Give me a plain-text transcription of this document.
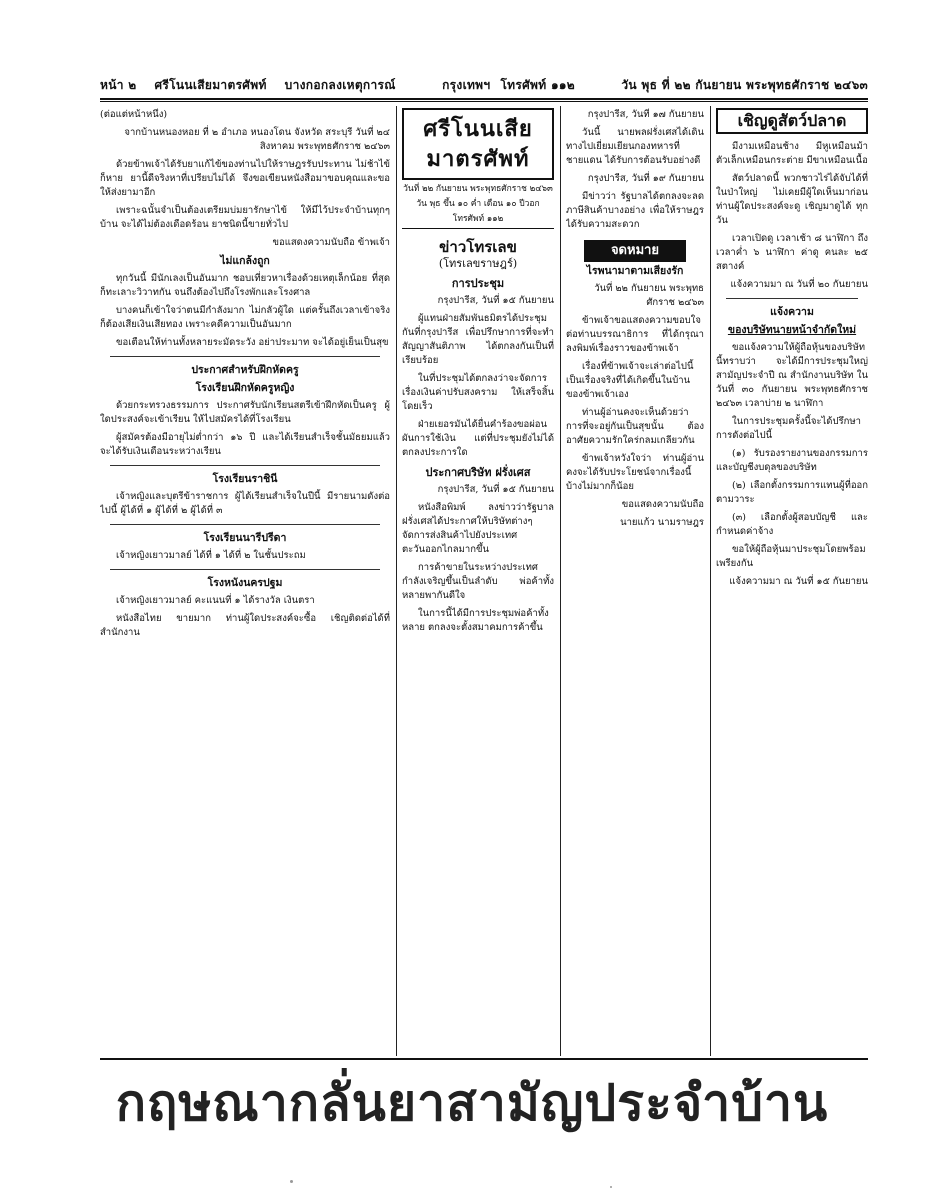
หน้า ๒ ศรีโนนเสียมาตรศัพท์ บางกอกลงเหตุการณ์	กรุงเทพฯ โทรศัพท์ ๑๑๒	วัน พุธ ที่ ๒๒ กันยายน พระพุทธศักราช ๒๔๖๓

(ต่อแต่หน้าหนึ่ง)

จากบ้านหนองหอย ที่ ๒ อำเภอ หนองโดน จังหวัด สระบุรี วันที่ ๒๔ สิงหาคม พระพุทธศักราช ๒๔๖๓

ด้วยข้าพเจ้าได้รับยาแก้ไข้ของท่านไปให้ราษฎรรับประทาน ไม่ช้าไข้ก็หาย ยานี้ดีจริงหาที่เปรียบไม่ได้ จึงขอเขียนหนังสือมาขอบคุณและขอให้ส่งยามาอีก

เพราะฉนั้นจำเป็นต้องเตรียมบ่มยารักษาไข้ ให้มีไว้ประจำบ้านทุกๆ บ้าน จะได้ไม่ต้องเดือดร้อน ยาชนิดนี้ขายทั่วไป

ขอแสดงความนับถือ ข้าพเจ้า

ไม่แกล้งถูก

ทุกวันนี้ มีนักเลงเป็นอันมาก ชอบเที่ยวหาเรื่องด้วยเหตุเล็กน้อย ที่สุดก็ทะเลาะวิวาทกัน จนถึงต้องไปถึงโรงพักและโรงศาล

บางคนก็เข้าใจว่าตนมีกำลังมาก ไม่กลัวผู้ใด แต่ครั้นถึงเวลาเข้าจริงก็ต้องเสียเงินเสียทอง เพราะคดีความเป็นอันมาก

ขอเตือนให้ท่านทั้งหลายระมัดระวัง อย่าประมาท จะได้อยู่เย็นเป็นสุข

ประกาศสำหรับฝึกหัดครู
โรงเรียนฝึกหัดครูหญิง

ด้วยกระทรวงธรรมการ ประกาศรับนักเรียนสตรีเข้าฝึกหัดเป็นครู ผู้ใดประสงค์จะเข้าเรียน ให้ไปสมัครได้ที่โรงเรียน

ผู้สมัครต้องมีอายุไม่ต่ำกว่า ๑๖ ปี และได้เรียนสำเร็จชั้นมัธยมแล้ว จะได้รับเงินเดือนระหว่างเรียน

โรงเรียนราชินี

เจ้าหญิงและบุตรีข้าราชการ ผู้ได้เรียนสำเร็จในปีนี้ มีรายนามดังต่อไปนี้ ผู้ได้ที่ ๑ ผู้ได้ที่ ๒ ผู้ได้ที่ ๓

โรงเรียนนารีปรีดา

เจ้าหญิงเยาวมาลย์ ได้ที่ ๑ ได้ที่ ๒ ในชั้นประถม

โรงหนังนครปฐม

เจ้าหญิงเยาวมาลย์ คะแนนที่ ๑ ได้รางวัล เงินตรา

หนังสือไทย ขายมาก ท่านผู้ใดประสงค์จะซื้อ เชิญติดต่อได้ที่สำนักงาน

ศรีโนนเสียมาตรศัพท์
วันที่ ๒๒ กันยายน พระพุทธศักราช ๒๔๖๓
วัน พุธ ขึ้น ๑๐ ค่ำ เดือน ๑๐ ปีวอก
โทรศัพท์ ๑๑๒
ข่าวโทรเลข
(โทรเลขราษฎร์)
การประชุม

กรุงปารีส, วันที่ ๑๕ กันยายน

ผู้แทนฝ่ายสัมพันธมิตรได้ประชุมกันที่กรุงปารีส เพื่อปรึกษาการที่จะทำสัญญาสันติภาพ ได้ตกลงกันเป็นที่เรียบร้อย

ในที่ประชุมได้ตกลงว่าจะจัดการเรื่องเงินค่าปรับสงคราม ให้เสร็จสิ้นโดยเร็ว

ฝ่ายเยอรมันได้ยื่นคำร้องขอผ่อนผันการใช้เงิน แต่ที่ประชุมยังไม่ได้ตกลงประการใด

ประกาศบริษัท ฝรั่งเศส

กรุงปารีส, วันที่ ๑๕ กันยายน

หนังสือพิมพ์ ลงข่าวว่ารัฐบาลฝรั่งเศสได้ประกาศให้บริษัทต่างๆ จัดการส่งสินค้าไปยังประเทศตะวันออกไกลมากขึ้น

การค้าขายในระหว่างประเทศกำลังเจริญขึ้นเป็นลำดับ พ่อค้าทั้งหลายพากันดีใจ

ในการนี้ได้มีการประชุมพ่อค้าทั้งหลาย ตกลงจะตั้งสมาคมการค้าขึ้น

กรุงปารีส, วันที่ ๑๗ กันยายน

วันนี้ นายพลฝรั่งเศสได้เดินทางไปเยี่ยมเยียนกองทหารที่ชายแดน ได้รับการต้อนรับอย่างดี

กรุงปารีส, วันที่ ๑๙ กันยายน

มีข่าวว่า รัฐบาลได้ตกลงจะลดภาษีสินค้าบางอย่าง เพื่อให้ราษฎรได้รับความสะดวก

จดหมาย
ไรพนามาตามเสียงรัก

วันที่ ๒๒ กันยายน พระพุทธศักราช ๒๔๖๓

ข้าพเจ้าขอแสดงความขอบใจต่อท่านบรรณาธิการ ที่ได้กรุณาลงพิมพ์เรื่องราวของข้าพเจ้า

เรื่องที่ข้าพเจ้าจะเล่าต่อไปนี้ เป็นเรื่องจริงที่ได้เกิดขึ้นในบ้านของข้าพเจ้าเอง

ท่านผู้อ่านคงจะเห็นด้วยว่า การที่จะอยู่กันเป็นสุขนั้น ต้องอาศัยความรักใคร่กลมเกลียวกัน

ข้าพเจ้าหวังใจว่า ท่านผู้อ่านคงจะได้รับประโยชน์จากเรื่องนี้บ้างไม่มากก็น้อย

ขอแสดงความนับถือ

นายแก้ว นามราษฎร

เชิญดูสัตว์ปลาด

มีงามเหมือนช้าง มีหูเหมือนม้า ตัวเล็กเหมือนกระต่าย มีขาเหมือนเนื้อ

สัตว์ปลาดนี้ พวกชาวไร่ได้จับได้ที่ในป่าใหญ่ ไม่เคยมีผู้ใดเห็นมาก่อน ท่านผู้ใดประสงค์จะดู เชิญมาดูได้ ทุกวัน

เวลาเปิดดู เวลาเช้า ๘ นาฬิกา ถึง เวลาค่ำ ๖ นาฬิกา ค่าดู คนละ ๒๕ สตางค์

แจ้งความมา ณ วันที่ ๒๐ กันยายน

แจ้งความ
ของบริษัทนายหน้าจำกัดใหม่

ขอแจ้งความให้ผู้ถือหุ้นของบริษัทนี้ทราบว่า จะได้มีการประชุมใหญ่สามัญประจำปี ณ สำนักงานบริษัท ในวันที่ ๓๐ กันยายน พระพุทธศักราช ๒๔๖๓ เวลาบ่าย ๒ นาฬิกา

ในการประชุมครั้งนี้จะได้ปรึกษาการดังต่อไปนี้

(๑) รับรองรายงานของกรรมการ และบัญชีงบดุลของบริษัท

(๒) เลือกตั้งกรรมการแทนผู้ที่ออกตามวาระ

(๓) เลือกตั้งผู้สอบบัญชี และกำหนดค่าจ้าง

ขอให้ผู้ถือหุ้นมาประชุมโดยพร้อมเพรียงกัน

แจ้งความมา ณ วันที่ ๑๕ กันยายน

กฤษณากลั่นยาสามัญประจำบ้าน
